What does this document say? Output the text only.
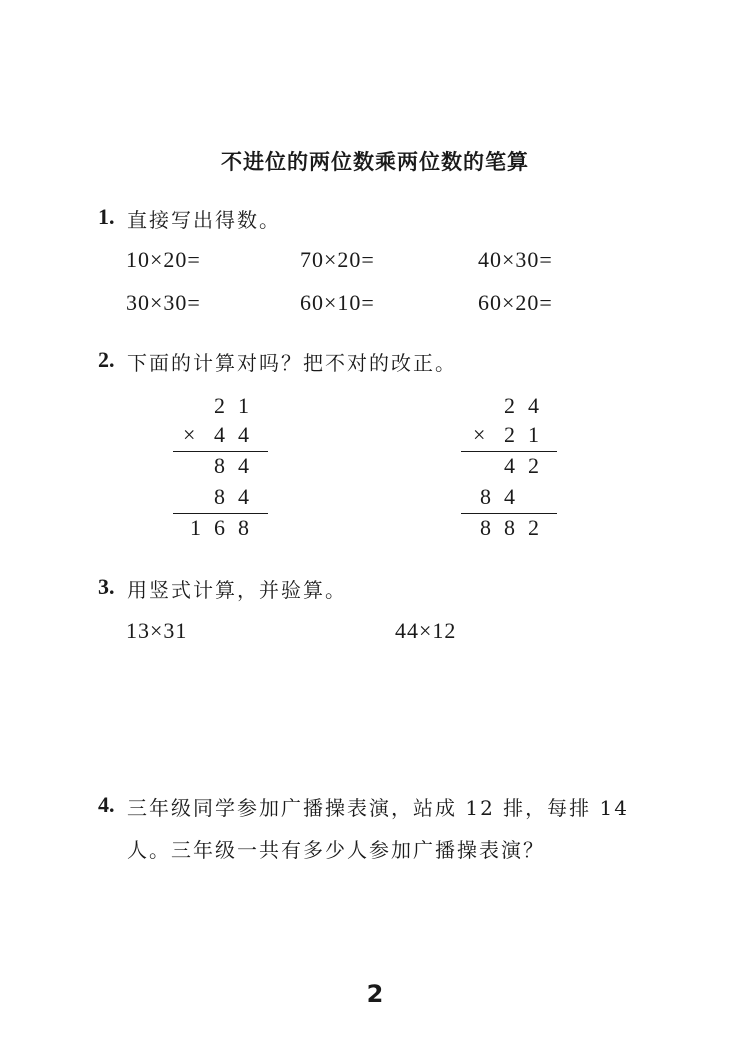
不进位的两位数乘两位数的笔算
1. 直接写出得数。
10×20=	70×20=	40×30=
30×30=	60×10=	60×20=
2. 下面的计算对吗？把不对的改正。
2 1
× 4 4
8 4
8 4
1 6 8
2 4
× 2 1
4 2
8 4
8 8 2
3. 用竖式计算，并验算。
13×31	44×12
4. 三年级同学参加广播操表演，站成 12 排，每排 14
人。三年级一共有多少人参加广播操表演？
2
